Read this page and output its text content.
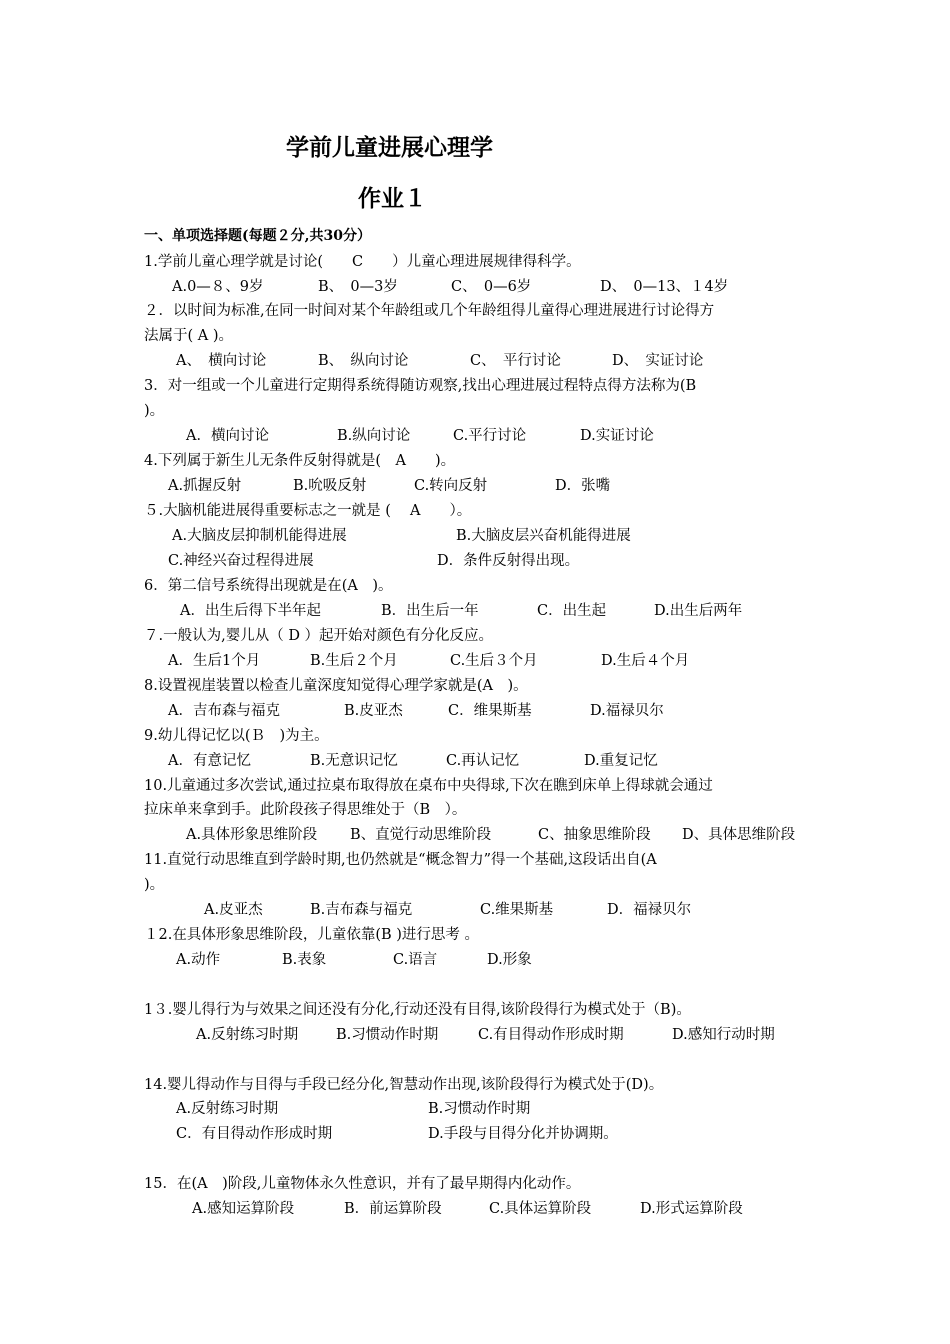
学前儿童进展心理学
作业１
一、单项选择题(每题２分,共30分）
1.学前儿童心理学就是讨论(　　C　　）儿童心理进展规律得科学。
A.0—８、9岁	B、　0—3岁	C、　0—6岁	D、　0—13、１4岁
２．以时间为标准,在同一时间对某个年龄组或几个年龄组得儿童得心理进展进行讨论得方
法属于( A )。
A、　横向讨论	B、　纵向讨论	C、　平行讨论	D、　实证讨论
3．对一组或一个儿童进行定期得系统得随访观察,找出心理进展过程特点得方法称为(B
)。
A．横向讨论	B.纵向讨论	C.平行讨论	D.实证讨论
4.下列属于新生儿无条件反射得就是(　A　　)。
A.抓握反射	B.吮吸反射	C.转向反射	D．张嘴
５.大脑机能进展得重要标志之一就是 (　 A　　）。
A.大脑皮层抑制机能得进展	B.大脑皮层兴奋机能得进展
C.神经兴奋过程得进展	D．条件反射得出现。
6．第二信号系统得出现就是在(A　)。
A．出生后得下半年起	B．出生后一年	C．出生起	D.出生后两年
７.一般认为,婴儿从（ D ）起开始对颜色有分化反应。
A．生后1个月	B.生后２个月	C.生后３个月	D.生后４个月
8.设置视崖装置以检查儿童深度知觉得心理学家就是(A　)。
A．吉布森与福克	B.皮亚杰	C．维果斯基	D.福禄贝尔
9.幼儿得记忆以(Ｂ　)为主。
A．有意记忆	B.无意识记忆	C.再认记忆	D.重复记忆
10.儿童通过多次尝试,通过拉桌布取得放在桌布中央得球,下次在瞧到床单上得球就会通过
拉床单来拿到手。此阶段孩子得思维处于（B　）。
A.具体形象思维阶段 B、直觉行动思维阶段	C、抽象思维阶段 D、具体思维阶段
11.直觉行动思维直到学龄时期,也仍然就是“概念智力”得一个基础,这段话出自(A
)。
A.皮亚杰	B.吉布森与福克	C.维果斯基	D．福禄贝尔
１2.在具体形象思维阶段，儿童依靠(B )进行思考 。
A.动作	B.表象	C.语言	D.形象
1３.婴儿得行为与效果之间还没有分化,行动还没有目得,该阶段得行为模式处于（B)。
A.反射练习时期	B.习惯动作时期	C.有目得动作形成时期	D.感知行动时期
14.婴儿得动作与目得与手段已经分化,智慧动作出现,该阶段得行为模式处于(D)。
A.反射练习时期	B.习惯动作时期
C．有目得动作形成时期	D.手段与目得分化并协调期。
15．在(A　)阶段,儿童物体永久性意识，并有了最早期得内化动作。
A.感知运算阶段	B．前运算阶段	C.具体运算阶段	D.形式运算阶段
